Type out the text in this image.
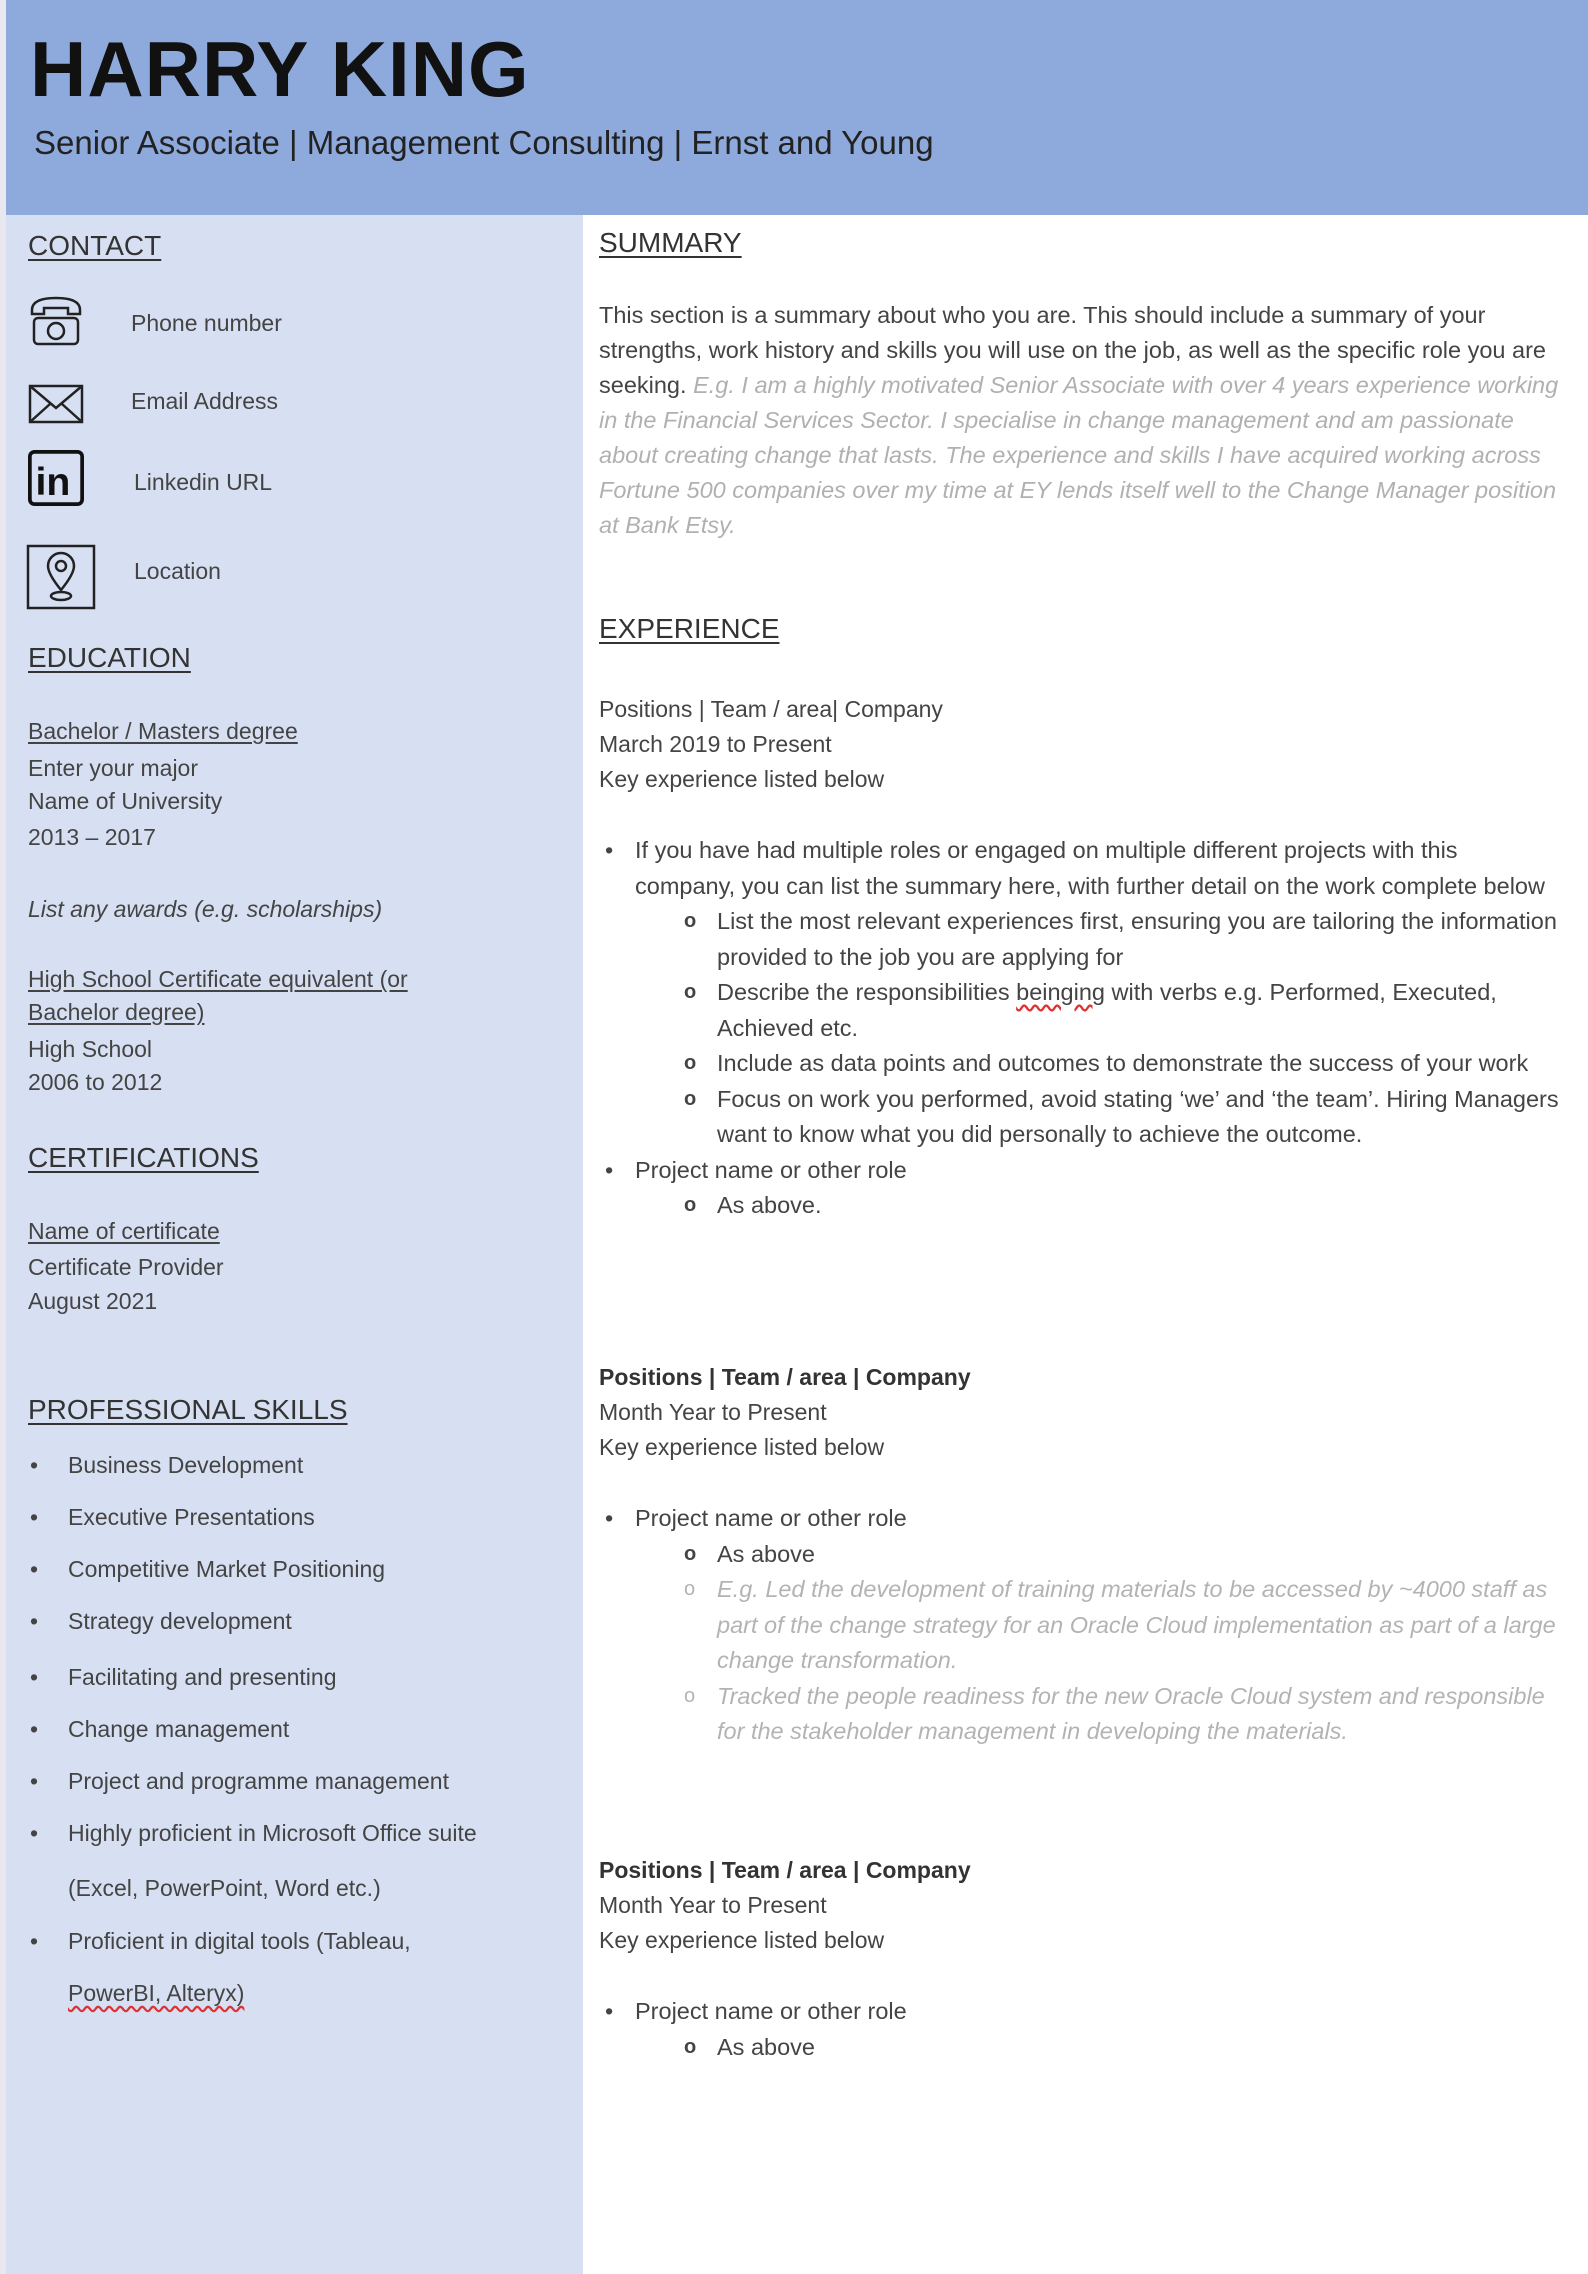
HARRY KING
Senior Associate | Management Consulting | Ernst and Young
CONTACT
Phone number
Email Address
in	Linkedin URL
Location
EDUCATION
Bachelor / Masters degree
Enter your major
Name of University
2013 – 2017
List any awards (e.g. scholarships)
High School Certificate equivalent (or
Bachelor degree)
High School
2006 to 2012
CERTIFICATIONS
Name of certificate
Certificate Provider
August 2021
PROFESSIONAL SKILLS
• Business Development
• Executive Presentations
• Competitive Market Positioning
• Strategy development
• Facilitating and presenting
• Change management
• Project and programme management
• Highly proficient in Microsoft Office suite
(Excel, PowerPoint, Word etc.)
• Proficient in digital tools (Tableau,
PowerBI, Alteryx)
SUMMARY
This section is a summary about who you are. This should include a summary of your strengths, work history and skills you will use on the job, as well as the specific role you are seeking. E.g. I am a highly motivated Senior Associate with over 4 years experience working in the Financial Services Sector. I specialise in change management and am passionate about creating change that lasts. The experience and skills I have acquired working across Fortune 500 companies over my time at EY lends itself well to the Change Manager position at Bank Etsy.
EXPERIENCE
Positions | Team / area| Company
March 2019 to Present
Key experience listed below
• If you have had multiple roles or engaged on multiple different projects with this company, you can list the summary here, with further detail on the work complete below
o List the most relevant experiences first, ensuring you are tailoring the information provided to the job you are applying for
o Describe the responsibilities beinging with verbs e.g. Performed, Executed, Achieved etc.
o Include as data points and outcomes to demonstrate the success of your work
o Focus on work you performed, avoid stating ‘we’ and ‘the team’. Hiring Managers want to know what you did personally to achieve the outcome.
• Project name or other role
o As above.
Positions | Team / area | Company
Month Year to Present
Key experience listed below
• Project name or other role
o As above
o E.g. Led the development of training materials to be accessed by ~4000 staff as part of the change strategy for an Oracle Cloud implementation as part of a large change transformation.
o Tracked the people readiness for the new Oracle Cloud system and responsible for the stakeholder management in developing the materials.
Positions | Team / area | Company
Month Year to Present
Key experience listed below
• Project name or other role
o As above
